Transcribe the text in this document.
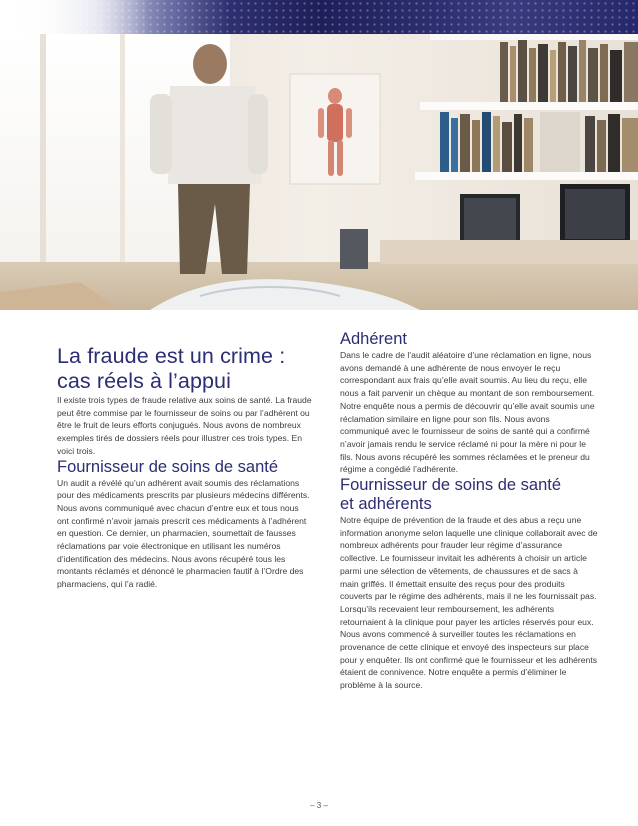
La fraude est un crime :
cas réels à l’appui

Il existe trois types de fraude relative aux soins de santé. La fraude peut être commise par le fournisseur de soins ou par l’adhérent ou être le fruit de leurs efforts conjugués. Nous avons de nombreux exemples tirés de dossiers réels pour illustrer ces trois types. En voici trois.

Fournisseur de soins de santé

Un audit a révélé qu’un adhérent avait soumis des réclamations pour des médicaments prescrits par plusieurs médecins différents. Nous avons communiqué avec chacun d’entre eux et tous nous ont confirmé n’avoir jamais prescrit ces médicaments à l’adhérent en question. Ce dernier, un pharmacien, soumettait de fausses réclamations par voie électronique en utilisant les numéros d’identification des médecins. Nous avons récupéré tous les montants réclamés et dénoncé le pharmacien fautif à l’Ordre des pharmaciens, qui l’a radié.

Adhérent

Dans le cadre de l’audit aléatoire d’une réclamation en ligne, nous avons demandé à une adhérente de nous envoyer le reçu correspondant aux frais qu’elle avait soumis. Au lieu du reçu, elle nous a fait parvenir un chèque au montant de son remboursement. Notre enquête nous a permis de découvrir qu’elle avait soumis une réclamation similaire en ligne pour son fils. Nous avons communiqué avec le fournisseur de soins de santé qui a confirmé n’avoir jamais rendu le service réclamé ni pour la mère ni pour le fils. Nous avons récupéré les sommes réclamées et le preneur du régime a congédié l’adhérente.

Fournisseur de soins de santé
et adhérents

Notre équipe de prévention de la fraude et des abus a reçu une information anonyme selon laquelle une clinique collaborait avec de nombreux adhérents pour frauder leur régime d’assurance collective. Le fournisseur invitait les adhérents à choisir un article parmi une sélection de vêtements, de chaussures et de sacs à main griffés. Il émettait ensuite des reçus pour des produits couverts par le régime des adhérents, mais il ne les fournissait pas. Lorsqu’ils recevaient leur remboursement, les adhérents retournaient à la clinique pour payer les articles réservés pour eux. Nous avons commencé à surveiller toutes les réclamations en provenance de cette clinique et envoyé des inspecteurs sur place pour y enquêter. Ils ont confirmé que le fournisseur et les adhérents étaient de connivence. Notre enquête a permis d’éliminer le problème à la source.

– 3 –
